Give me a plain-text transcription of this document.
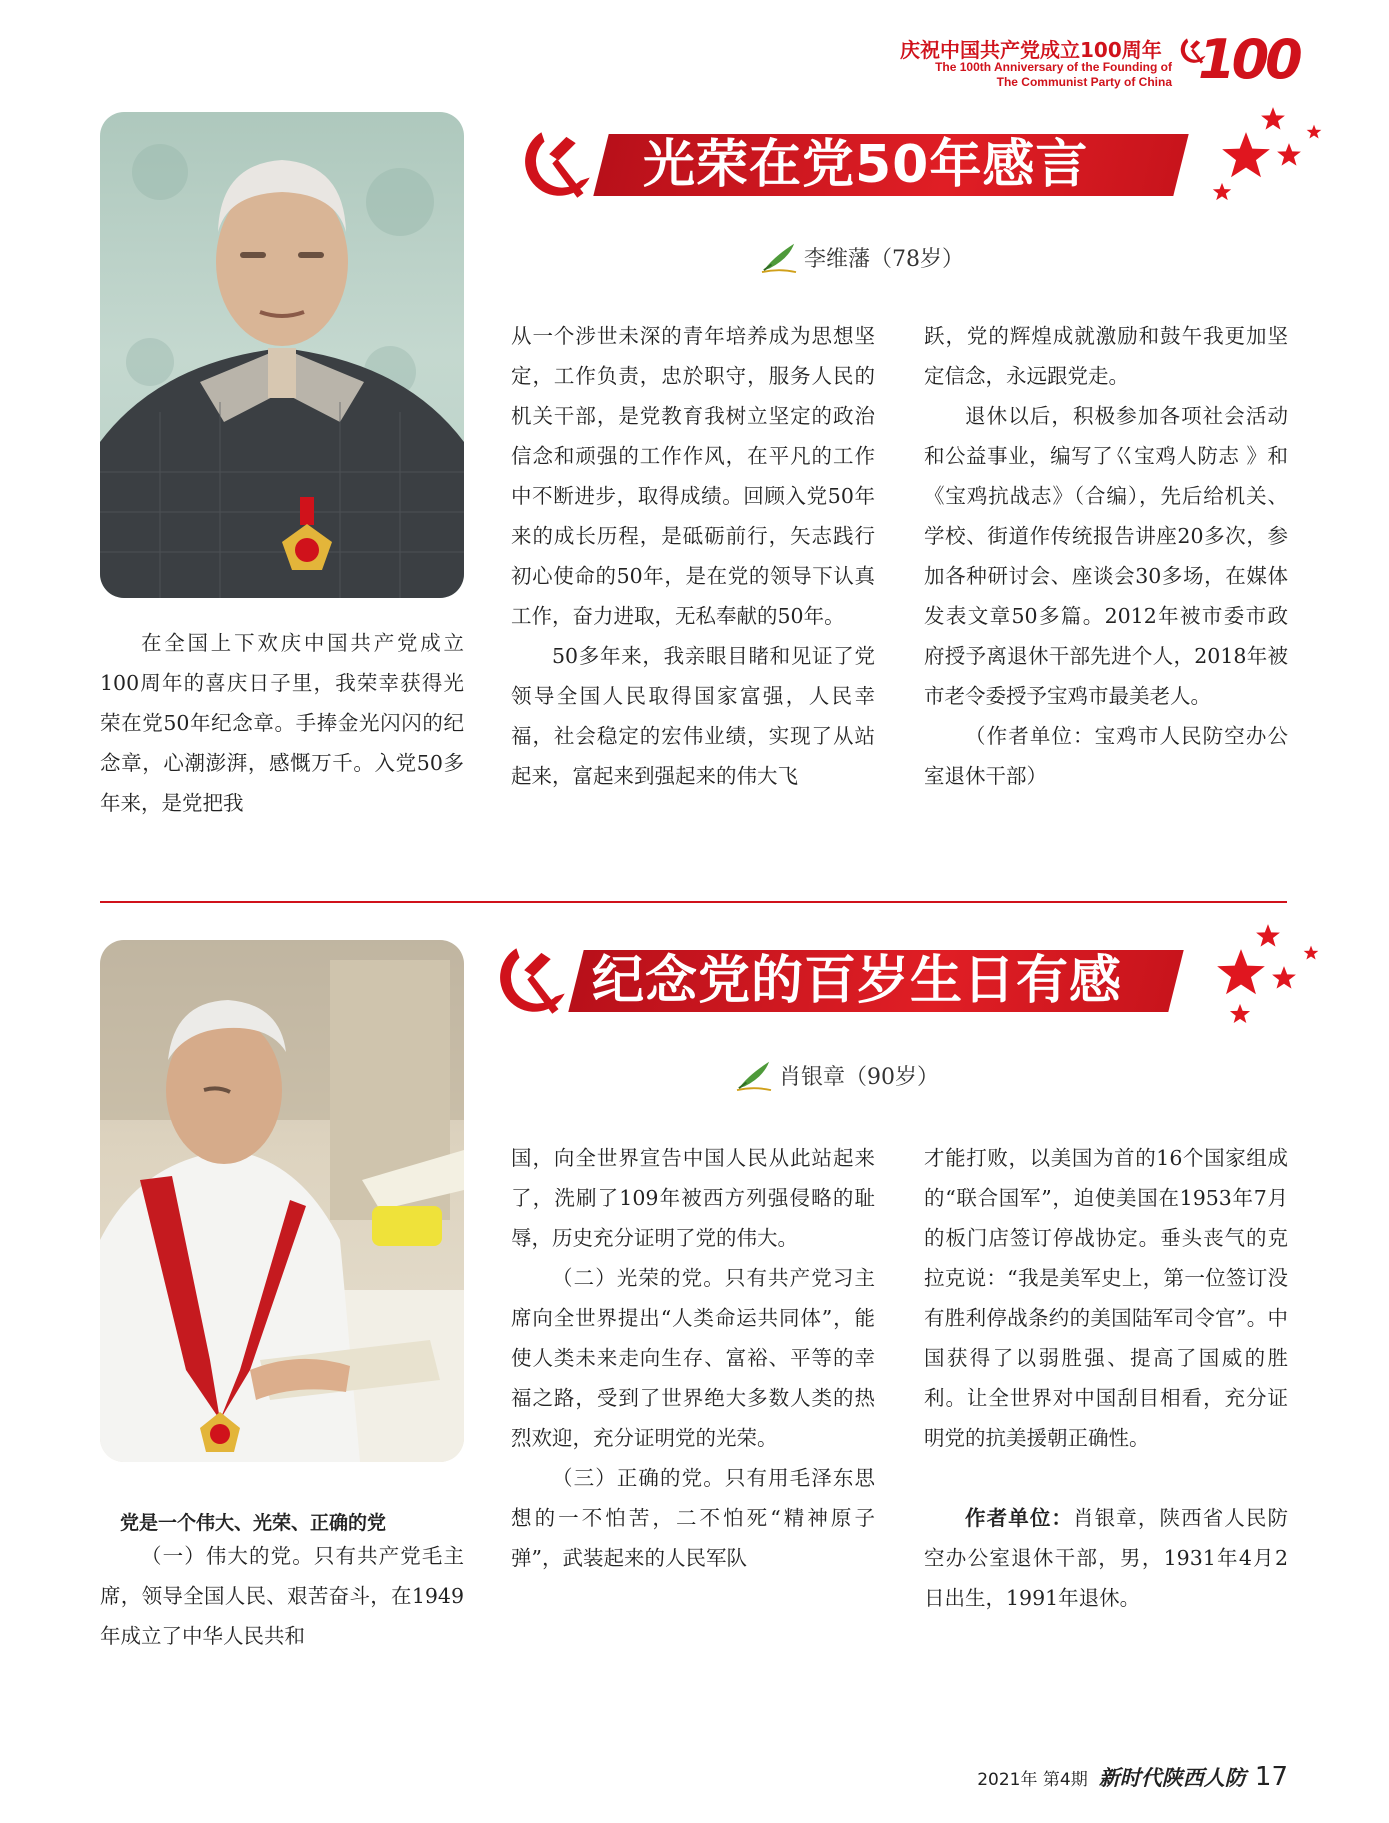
庆祝中国共产党成立100周年
The 100th Anniversary of the Founding of
The Communist Party of China 100
光荣在党50年感言
李维藩（78岁）

在全国上下欢庆中国共产党成立100周年的喜庆日子里，我荣幸获得光荣在党50年纪念章。手捧金光闪闪的纪念章，心潮澎湃，感慨万千。入党50多年来，是党把我

从一个涉世未深的青年培养成为思想坚定，工作负责，忠於职守，服务人民的机关干部，是党教育我树立坚定的政治信念和顽强的工作作风，在平凡的工作中不断进步，取得成绩。回顾入党50年来的成长历程，是砥砺前行，矢志践行初心使命的50年，是在党的领导下认真工作，奋力进取，无私奉献的50年。

50多年来，我亲眼目睹和见证了党领导全国人民取得国家富强，人民幸福，社会稳定的宏伟业绩，实现了从站起来，富起来到强起来的伟大飞

跃，党的辉煌成就激励和鼓午我更加坚定信念，永远跟党走。

退休以后，积极参加各项社会活动和公益事业，编写了巜宝鸡人防志 》和《宝鸡抗战志》（合编），先后给机关、学校、街道作传统报告讲座20多次，参加各种研讨会、座谈会30多场，在媒体发表文章50多篇。2012年被市委市政府授予离退休干部先进个人，2018年被市老令委授予宝鸡市最美老人。

（作者单位：宝鸡市人民防空办公室退休干部）

纪念党的百岁生日有感
肖银章（90岁）
党是一个伟大、光荣、正确的党

（一）伟大的党。只有共产党毛主席，领导全国人民、艰苦奋斗，在1949年成立了中华人民共和

国，向全世界宣告中国人民从此站起来了，洗刷了109年被西方列强侵略的耻辱，历史充分证明了党的伟大。

（二）光荣的党。只有共产党习主席向全世界提出“人类命运共同体”，能使人类未来走向生存、富裕、平等的幸福之路，受到了世界绝大多数人类的热烈欢迎，充分证明党的光荣。

（三）正确的党。只有用毛泽东思想的一不怕苦，二不怕死“精神原子弹”，武装起来的人民军队

才能打败，以美国为首的16个国家组成的“联合国军”，迫使美国在1953年7月的板门店签订停战协定。垂头丧气的克拉克说：“我是美军史上，第一位签订没有胜利停战条约的美国陆军司令官”。中国获得了以弱胜强、提高了国威的胜利。让全世界对中国刮目相看，充分证明党的抗美援朝正确性。

作者单位：肖银章，陕西省人民防空办公室退休干部，男，1931年4月2日出生，1991年退休。

2021年 第4期 新时代陕西人防 17
